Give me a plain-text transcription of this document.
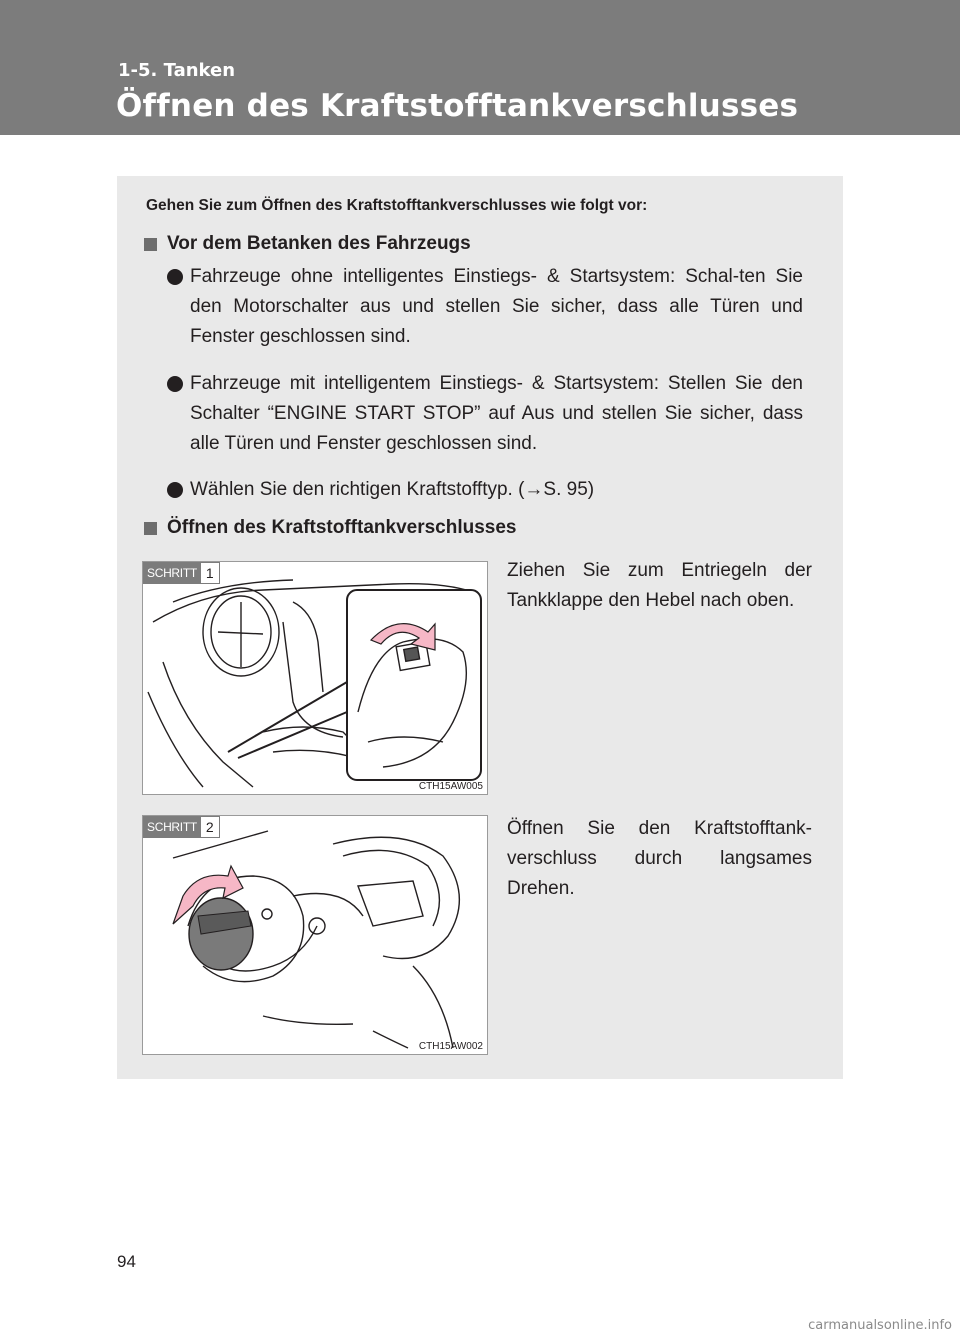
1-5. Tanken
Öffnen des Kraftstofftankverschlusses
Gehen Sie zum Öffnen des Kraftstofftankverschlusses wie folgt vor:
Vor dem Betanken des Fahrzeugs
Fahrzeuge ohne intelligentes Einstiegs- & Startsystem: Schal-ten Sie den Motorschalter aus und stellen Sie sicher, dass alle Türen und Fenster geschlossen sind.
Fahrzeuge mit intelligentem Einstiegs- & Startsystem: Stellen Sie den Schalter “ENGINE START STOP” auf Aus und stellen Sie sicher, dass alle Türen und Fenster geschlossen sind.
Wählen Sie den richtigen Kraftstofftyp. (→S. 95)
Öffnen des Kraftstofftankverschlusses
SCHRITT 1
CTH15AW005
Ziehen Sie zum Entriegeln der Tankklappe den Hebel nach oben.
SCHRITT 2
CTH15AW002
Öffnen Sie den Kraftstofftank-verschluss durch langsames Drehen.
94
carmanualsonline.info
